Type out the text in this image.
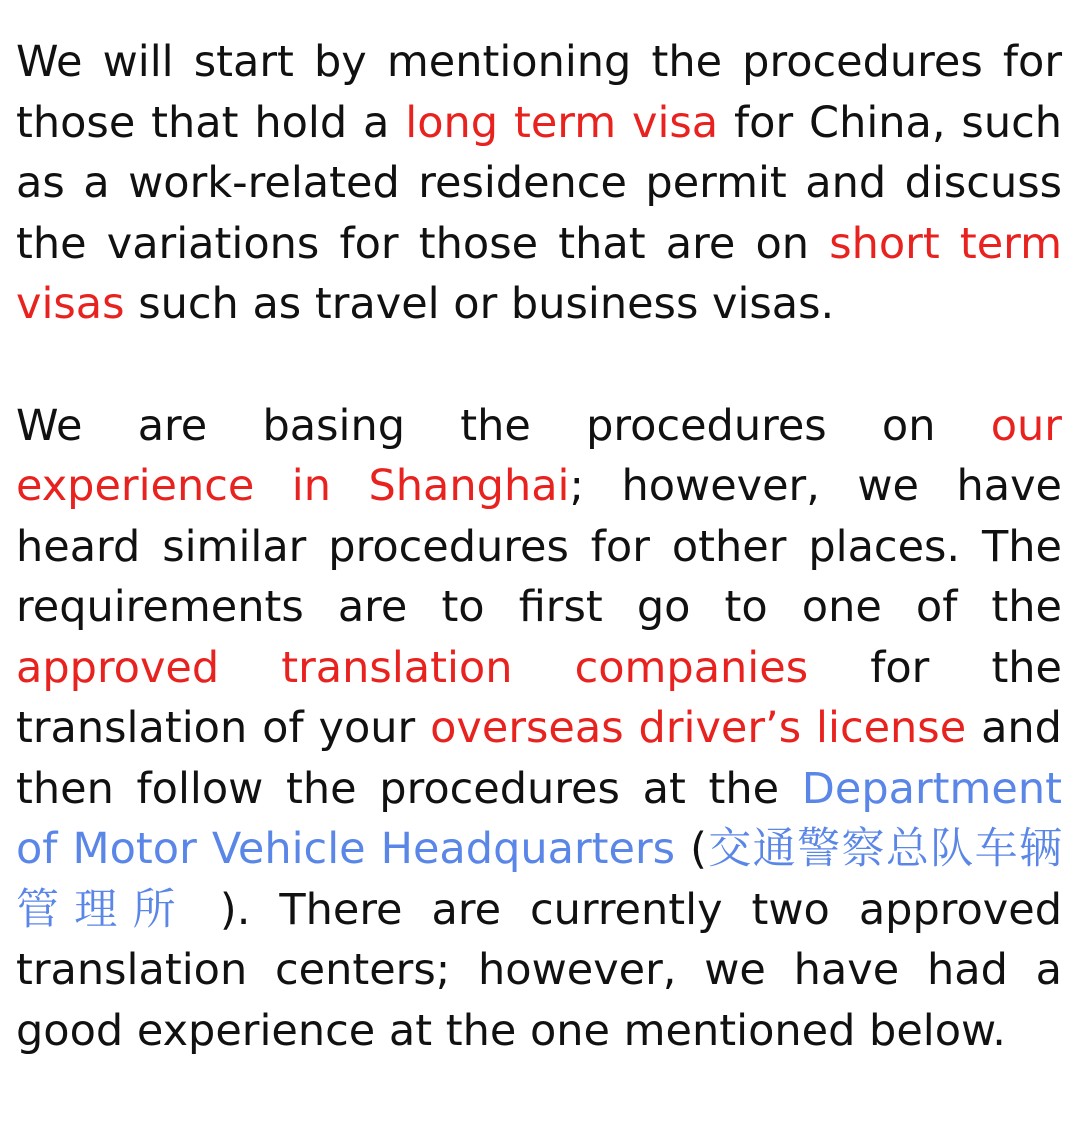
We will start by mentioning the procedures for those that hold a long term visa for China, such as a work-related residence permit and discuss the variations for those that are on short term visas such as travel or business visas.

We are basing the procedures on our experience in Shanghai; however, we have heard similar procedures for other places. The requirements are to first go to one of the approved translation companies for the translation of your overseas driver’s license and then follow the procedures at the Department of Motor Vehicle Headquarters (交通警察总队车辆管理所 ). There are currently two approved translation centers; however, we have had a good experience at the one mentioned below.
